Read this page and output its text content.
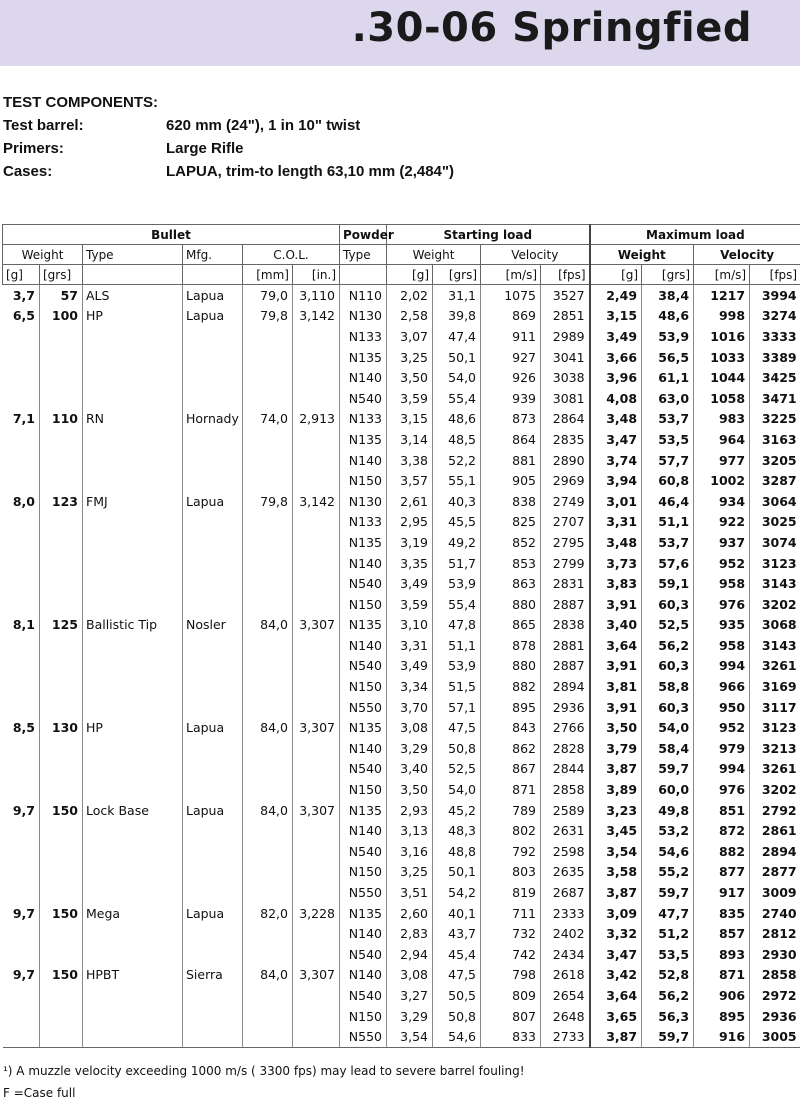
.30-06 Springfied
TEST COMPONENTS:
Test barrel:	620 mm (24"), 1 in 10" twist
Primers:	Large Rifle
Cases:	LAPUA, trim-to length 63,10 mm (2,484")
Bullet						Powder	Starting load				Maximum load			
Weight		Type	Mfg.	C.O.L.		Type	Weight		Velocity		Weight		Velocity	
[g]	[grs]			[mm]	[in.]		[g]	[grs]	[m/s]	[fps]	[g]	[grs]	[m/s]	[fps]
3,7	57	ALS	Lapua	79,0	3,110	N110	2,02	31,1	1075	3527	2,49	38,4	1217	3994
6,5	100	HP	Lapua	79,8	3,142	N130	2,58	39,8	869	2851	3,15	48,6	998	3274
						N133	3,07	47,4	911	2989	3,49	53,9	1016	3333
						N135	3,25	50,1	927	3041	3,66	56,5	1033	3389
						N140	3,50	54,0	926	3038	3,96	61,1	1044	3425
						N540	3,59	55,4	939	3081	4,08	63,0	1058	3471
7,1	110	RN	Hornady	74,0	2,913	N133	3,15	48,6	873	2864	3,48	53,7	983	3225
						N135	3,14	48,5	864	2835	3,47	53,5	964	3163
						N140	3,38	52,2	881	2890	3,74	57,7	977	3205
						N150	3,57	55,1	905	2969	3,94	60,8	1002	3287
8,0	123	FMJ	Lapua	79,8	3,142	N130	2,61	40,3	838	2749	3,01	46,4	934	3064
						N133	2,95	45,5	825	2707	3,31	51,1	922	3025
						N135	3,19	49,2	852	2795	3,48	53,7	937	3074
						N140	3,35	51,7	853	2799	3,73	57,6	952	3123
						N540	3,49	53,9	863	2831	3,83	59,1	958	3143
						N150	3,59	55,4	880	2887	3,91	60,3	976	3202
8,1	125	Ballistic Tip	Nosler	84,0	3,307	N135	3,10	47,8	865	2838	3,40	52,5	935	3068
						N140	3,31	51,1	878	2881	3,64	56,2	958	3143
						N540	3,49	53,9	880	2887	3,91	60,3	994	3261
						N150	3,34	51,5	882	2894	3,81	58,8	966	3169
						N550	3,70	57,1	895	2936	3,91	60,3	950	3117
8,5	130	HP	Lapua	84,0	3,307	N135	3,08	47,5	843	2766	3,50	54,0	952	3123
						N140	3,29	50,8	862	2828	3,79	58,4	979	3213
						N540	3,40	52,5	867	2844	3,87	59,7	994	3261
						N150	3,50	54,0	871	2858	3,89	60,0	976	3202
9,7	150	Lock Base	Lapua	84,0	3,307	N135	2,93	45,2	789	2589	3,23	49,8	851	2792
						N140	3,13	48,3	802	2631	3,45	53,2	872	2861
						N540	3,16	48,8	792	2598	3,54	54,6	882	2894
						N150	3,25	50,1	803	2635	3,58	55,2	877	2877
						N550	3,51	54,2	819	2687	3,87	59,7	917	3009
9,7	150	Mega	Lapua	82,0	3,228	N135	2,60	40,1	711	2333	3,09	47,7	835	2740
						N140	2,83	43,7	732	2402	3,32	51,2	857	2812
						N540	2,94	45,4	742	2434	3,47	53,5	893	2930
9,7	150	HPBT	Sierra	84,0	3,307	N140	3,08	47,5	798	2618	3,42	52,8	871	2858
						N540	3,27	50,5	809	2654	3,64	56,2	906	2972
						N150	3,29	50,8	807	2648	3,65	56,3	895	2936
						N550	3,54	54,6	833	2733	3,87	59,7	916	3005
¹) A muzzle velocity exceeding 1000 m/s ( 3300 fps) may lead to severe barrel fouling!
F =Case full
